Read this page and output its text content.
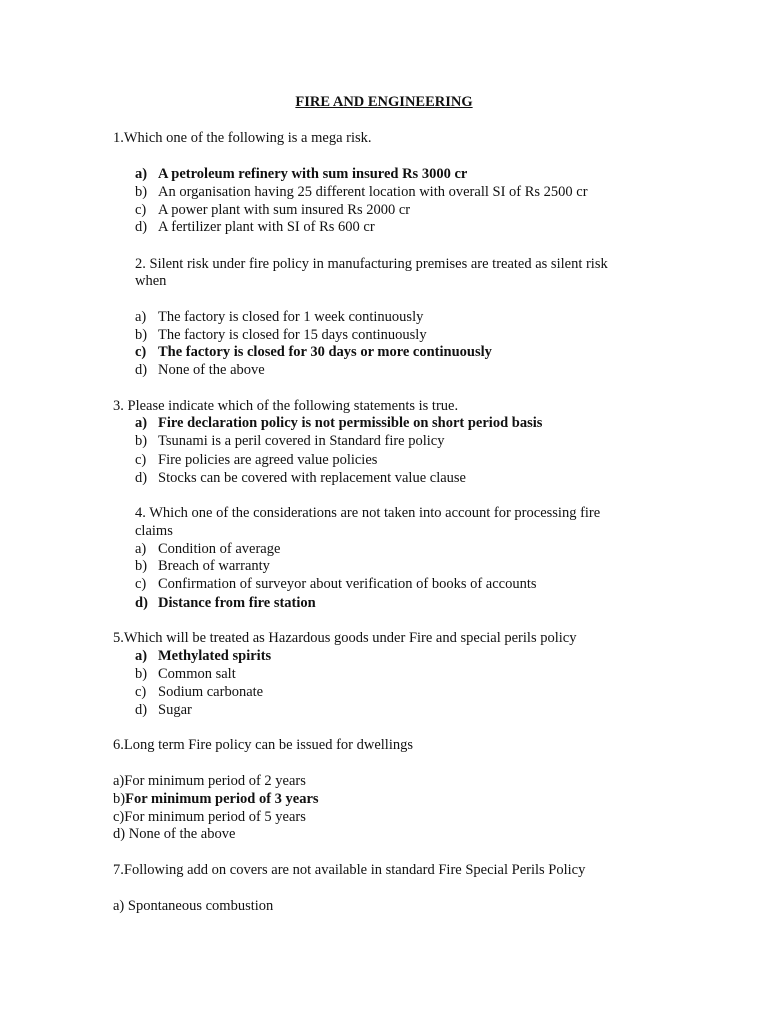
FIRE AND ENGINEERING
1.Which one of the following is a mega risk.
a) A petroleum refinery with sum insured Rs 3000 cr
b) An organisation having 25 different location with overall SI of Rs 2500 cr
c) A power plant with sum insured Rs 2000 cr
d) A fertilizer plant with SI of Rs 600 cr
2. Silent risk under fire policy in manufacturing premises are treated as silent risk
when
a) The factory is closed for 1 week continuously
b) The factory is closed for 15 days continuously
c) The factory is closed for 30 days or more continuously
d) None of the above
3. Please indicate which of the following statements is true.
a) Fire declaration policy is not permissible on short period basis
b) Tsunami is a peril covered in Standard fire policy
c) Fire policies are agreed value policies
d) Stocks can be covered with replacement value clause
4. Which one of the considerations are not taken into account for processing fire
claims
a) Condition of average
b) Breach of warranty
c) Confirmation of surveyor about verification of books of accounts
d) Distance from fire station
5.Which will be treated as Hazardous goods under Fire and special perils policy
a) Methylated spirits
b) Common salt
c) Sodium carbonate
d) Sugar
6.Long term Fire policy can be issued for dwellings
a)For minimum period of 2 years
b)For minimum period of 3 years
c)For minimum period of 5 years
d) None of the above
7.Following add on covers are not available in standard Fire Special Perils Policy
a) Spontaneous combustion
